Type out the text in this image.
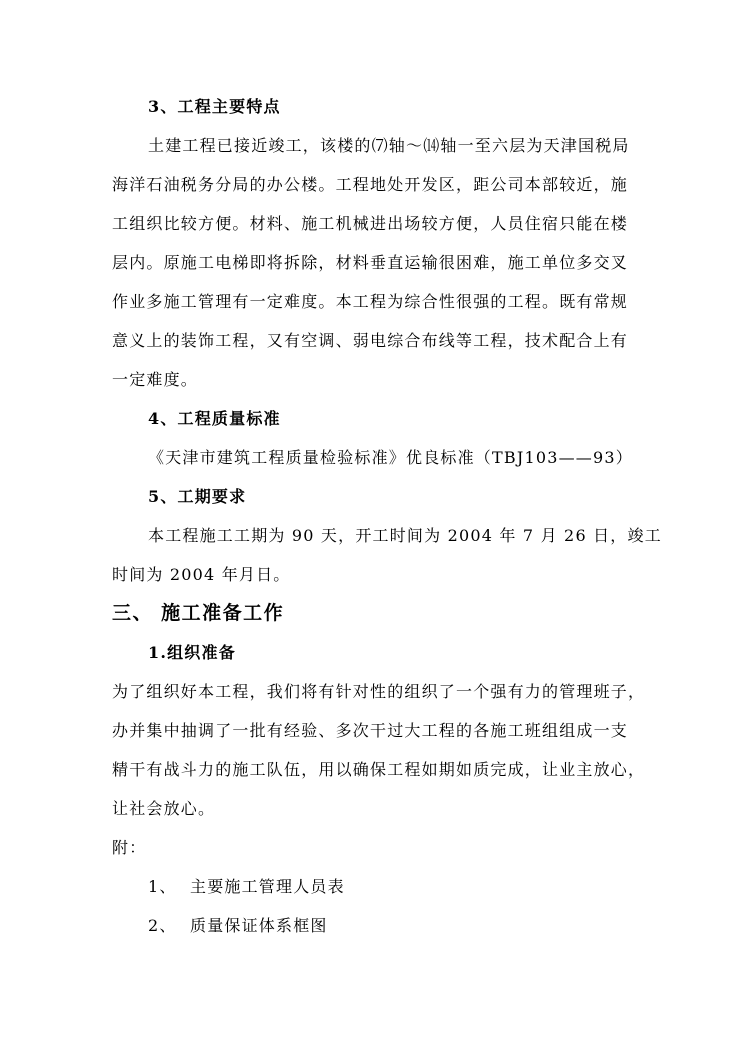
3、工程主要特点
土建工程已接近竣工，该楼的⑺轴～⒁轴一至六层为天津国税局
海洋石油税务分局的办公楼。工程地处开发区，距公司本部较近，施
工组织比较方便。材料、施工机械进出场较方便，人员住宿只能在楼
层内。原施工电梯即将拆除，材料垂直运输很困难，施工单位多交叉
作业多施工管理有一定难度。本工程为综合性很强的工程。既有常规
意义上的装饰工程，又有空调、弱电综合布线等工程，技术配合上有
一定难度。
4、工程质量标准
《天津市建筑工程质量检验标准》优良标准（TBJ103——93）
5、工期要求
本工程施工工期为 90 天，开工时间为 2004 年 7 月 26 日，竣工
时间为 2004 年月日。
三、 施工准备工作
1.组织准备
为了组织好本工程，我们将有针对性的组织了一个强有力的管理班子，
办并集中抽调了一批有经验、多次干过大工程的各施工班组组成一支
精干有战斗力的施工队伍，用以确保工程如期如质完成，让业主放心，
让社会放心。
附：
1、 主要施工管理人员表
2、 质量保证体系框图
